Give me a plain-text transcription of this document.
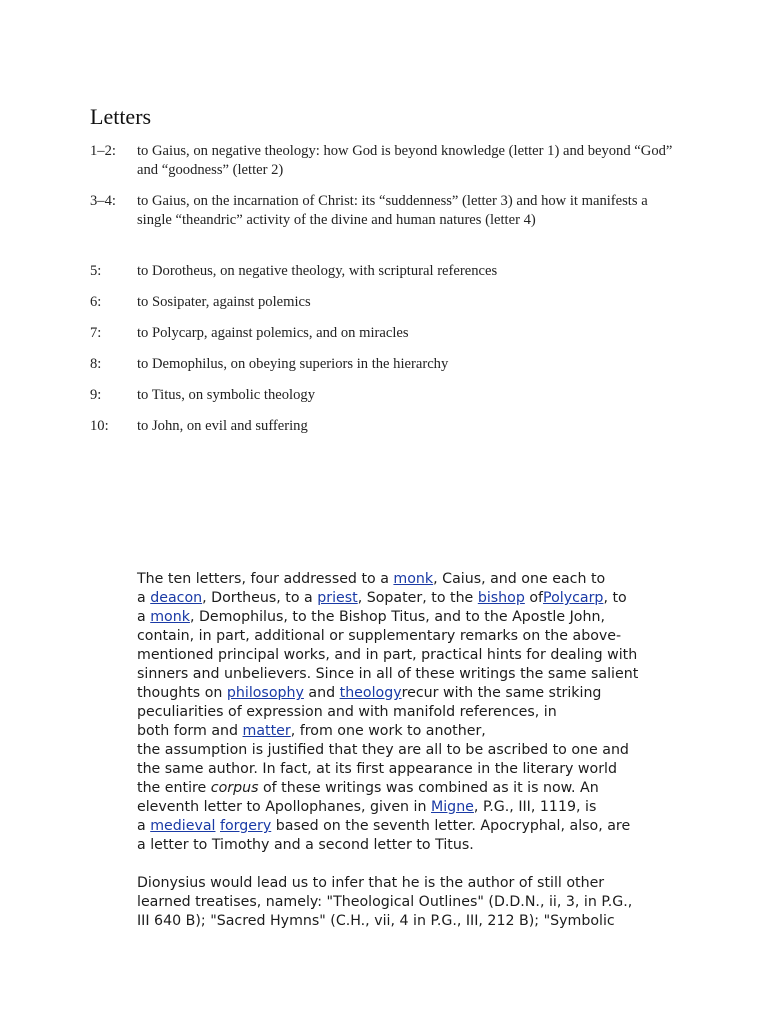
Letters
1–2:	to Gaius, on negative theology: how God is beyond knowledge (letter 1) and beyond “God” and “goodness” (letter 2)
3–4:	to Gaius, on the incarnation of Christ: its “suddenness” (letter 3) and how it manifests a single “theandric” activity of the divine and human natures (letter 4)
5:	to Dorotheus, on negative theology, with scriptural references
6:	to Sosipater, against polemics
7:	to Polycarp, against polemics, and on miracles
8:	to Demophilus, on obeying superiors in the hierarchy
9:	to Titus, on symbolic theology
10:	to John, on evil and suffering

The ten letters, four addressed to a monk, Caius, and one each to
a deacon, Dortheus, to a priest, Sopater, to the bishop ofPolycarp, to
a monk, Demophilus, to the Bishop Titus, and to the Apostle John,
contain, in part, additional or supplementary remarks on the above-
mentioned principal works, and in part, practical hints for dealing with
sinners and unbelievers. Since in all of these writings the same salient
thoughts on philosophy and theologyrecur with the same striking
peculiarities of expression and with manifold references, in
both form and matter, from one work to another,
the assumption is justified that they are all to be ascribed to one and
the same author. In fact, at its first appearance in the literary world
the entire corpus of these writings was combined as it is now. An
eleventh letter to Apollophanes, given in Migne, P.G., III, 1119, is
a medieval forgery based on the seventh letter. Apocryphal, also, are
a letter to Timothy and a second letter to Titus.

Dionysius would lead us to infer that he is the author of still other
learned treatises, namely: "Theological Outlines" (D.D.N., ii, 3, in P.G.,
III 640 B); "Sacred Hymns" (C.H., vii, 4 in P.G., III, 212 B); "Symbolic
